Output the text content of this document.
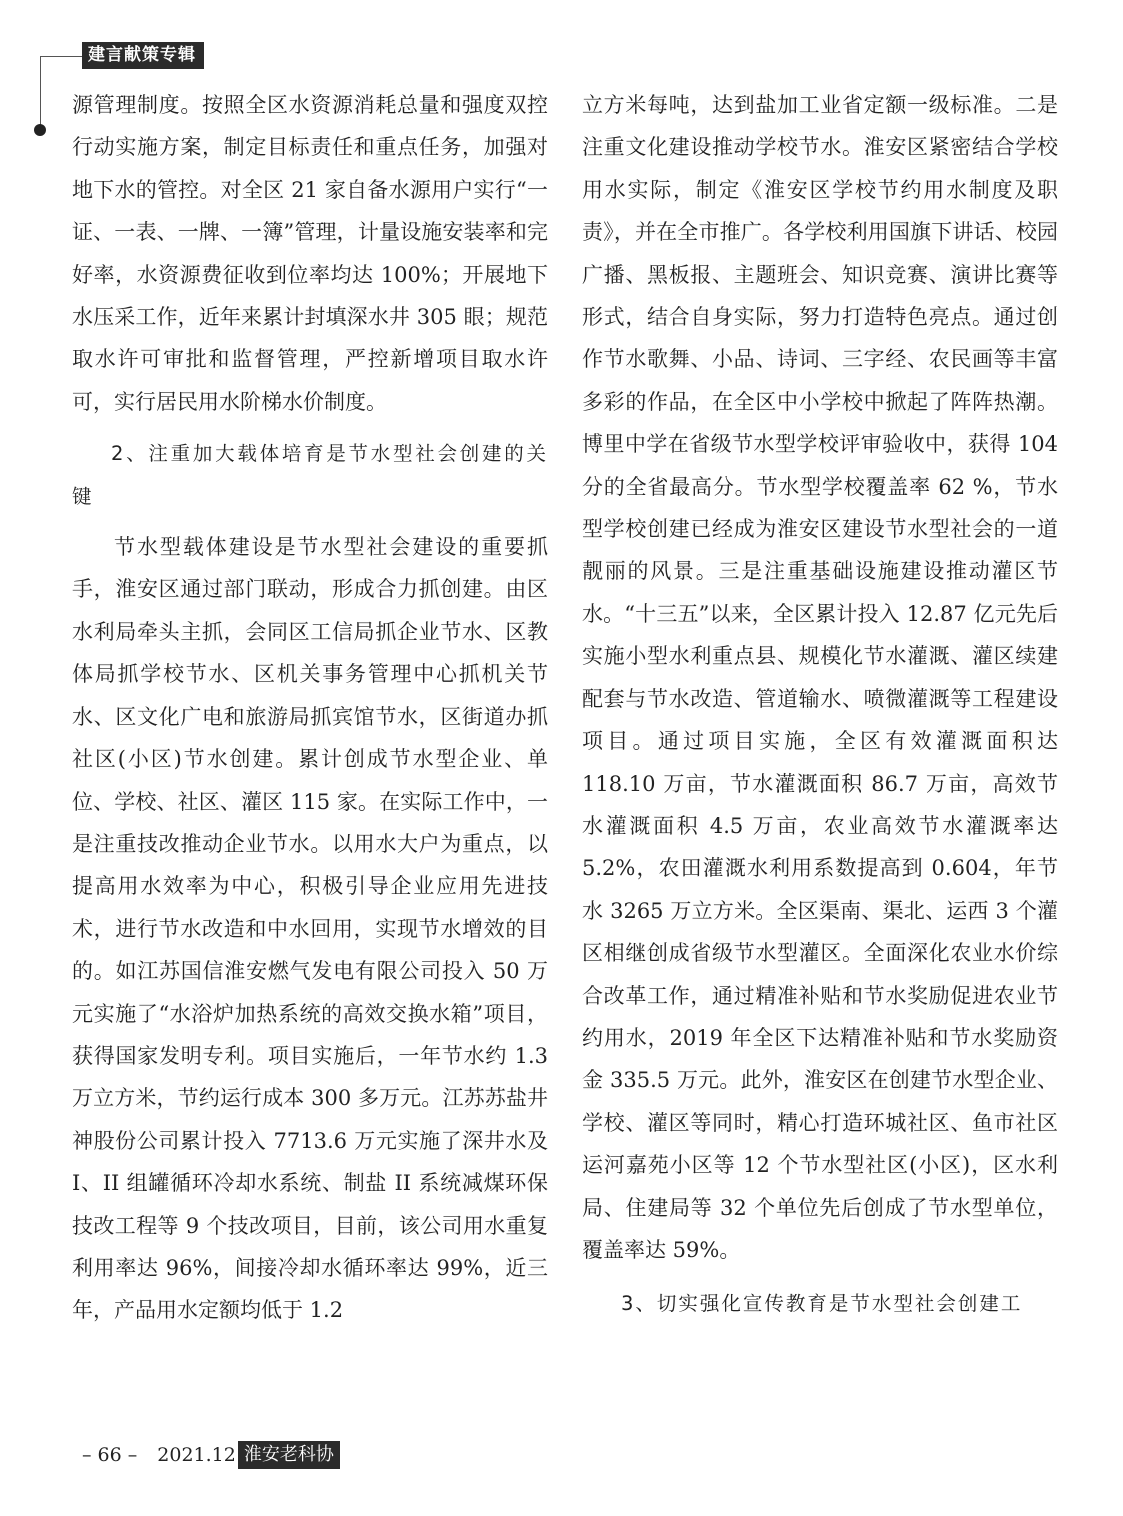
建言献策专辑

源管理制度。按照全区水资源消耗总量和强度双控行动实施方案，制定目标责任和重点任务，加强对地下水的管控。对全区 21 家自备水源用户实行“一证、一表、一牌、一簿”管理，计量设施安装率和完好率，水资源费征收到位率均达 100%；开展地下水压采工作，近年来累计封填深水井 305 眼；规范取水许可审批和监督管理，严控新增项目取水许可，实行居民用水阶梯水价制度。

2、注重加大载体培育是节水型社会创建的关键

节水型载体建设是节水型社会建设的重要抓手，淮安区通过部门联动，形成合力抓创建。由区水利局牵头主抓，会同区工信局抓企业节水、区教体局抓学校节水、区机关事务管理中心抓机关节水、区文化广电和旅游局抓宾馆节水，区街道办抓社区(小区)节水创建。累计创成节水型企业、单位、学校、社区、灌区 115 家。在实际工作中，一是注重技改推动企业节水。以用水大户为重点，以提高用水效率为中心，积极引导企业应用先进技术，进行节水改造和中水回用，实现节水增效的目的。如江苏国信淮安燃气发电有限公司投入 50 万元实施了“水浴炉加热系统的高效交换水箱”项目，获得国家发明专利。项目实施后，一年节水约 1.3 万立方米，节约运行成本 300 多万元。江苏苏盐井神股份公司累计投入 7713.6 万元实施了深井水及 I、II 组罐循环冷却水系统、制盐 II 系统减煤环保技改工程等 9 个技改项目，目前，该公司用水重复利用率达 96%，间接冷却水循环率达 99%，近三年，产品用水定额均低于 1.2

立方米每吨，达到盐加工业省定额一级标准。二是注重文化建设推动学校节水。淮安区紧密结合学校用水实际，制定《淮安区学校节约用水制度及职责》，并在全市推广。各学校利用国旗下讲话、校园广播、黑板报、主题班会、知识竞赛、演讲比赛等形式，结合自身实际，努力打造特色亮点。通过创作节水歌舞、小品、诗词、三字经、农民画等丰富多彩的作品，在全区中小学校中掀起了阵阵热潮。博里中学在省级节水型学校评审验收中，获得 104 分的全省最高分。节水型学校覆盖率 62 %，节水型学校创建已经成为淮安区建设节水型社会的一道靓丽的风景。三是注重基础设施建设推动灌区节水。“十三五”以来，全区累计投入 12.87 亿元先后实施小型水利重点县、规模化节水灌溉、灌区续建配套与节水改造、管道输水、喷微灌溉等工程建设项目。通过项目实施，全区有效灌溉面积达 118.10 万亩，节水灌溉面积 86.7 万亩，高效节水灌溉面积 4.5 万亩，农业高效节水灌溉率达 5.2%，农田灌溉水利用系数提高到 0.604，年节水 3265 万立方米。全区渠南、渠北、运西 3 个灌区相继创成省级节水型灌区。全面深化农业水价综合改革工作，通过精准补贴和节水奖励促进农业节约用水，2019 年全区下达精准补贴和节水奖励资金 335.5 万元。此外，淮安区在创建节水型企业、学校、灌区等同时，精心打造环城社区、鱼市社区运河嘉苑小区等 12 个节水型社区(小区)，区水利局、住建局等 32 个单位先后创成了节水型单位，覆盖率达 59%。

3、切实强化宣传教育是节水型社会创建工

– 66 – 2021.12 淮安老科协
